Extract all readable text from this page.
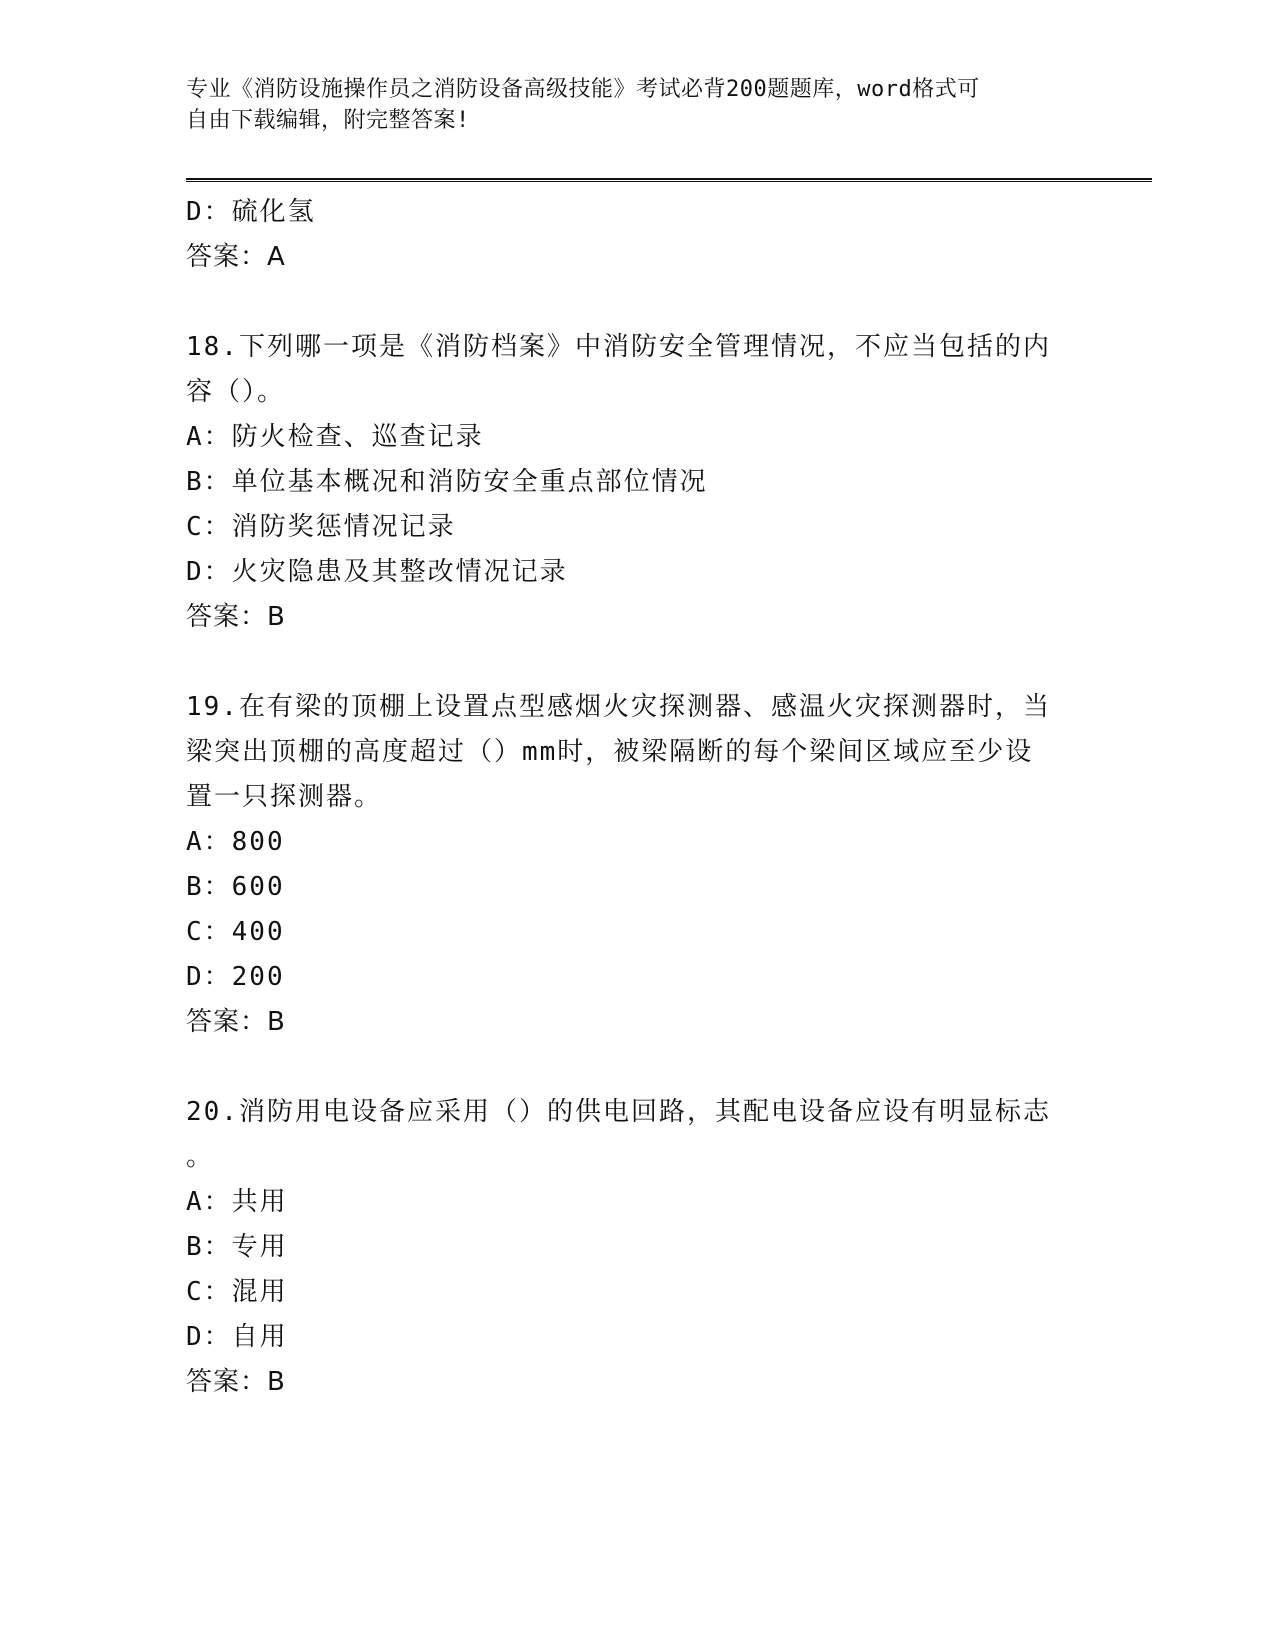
专业《消防设施操作员之消防设备高级技能》考试必背200题题库，word格式可
自由下载编辑，附完整答案!
D：硫化氢
答案：A
18.下列哪一项是《消防档案》中消防安全管理情况，不应当包括的内
容（）。
A：防火检查、巡查记录
B：单位基本概况和消防安全重点部位情况
C：消防奖惩情况记录
D：火灾隐患及其整改情况记录
答案：B
19.在有梁的顶棚上设置点型感烟火灾探测器、感温火灾探测器时，当
梁突出顶棚的高度超过（）mm时，被梁隔断的每个梁间区域应至少设
置一只探测器。
A：800
B：600
C：400
D：200
答案：B
20.消防用电设备应采用（）的供电回路，其配电设备应设有明显标志
。
A：共用
B：专用
C：混用
D：自用
答案：B
